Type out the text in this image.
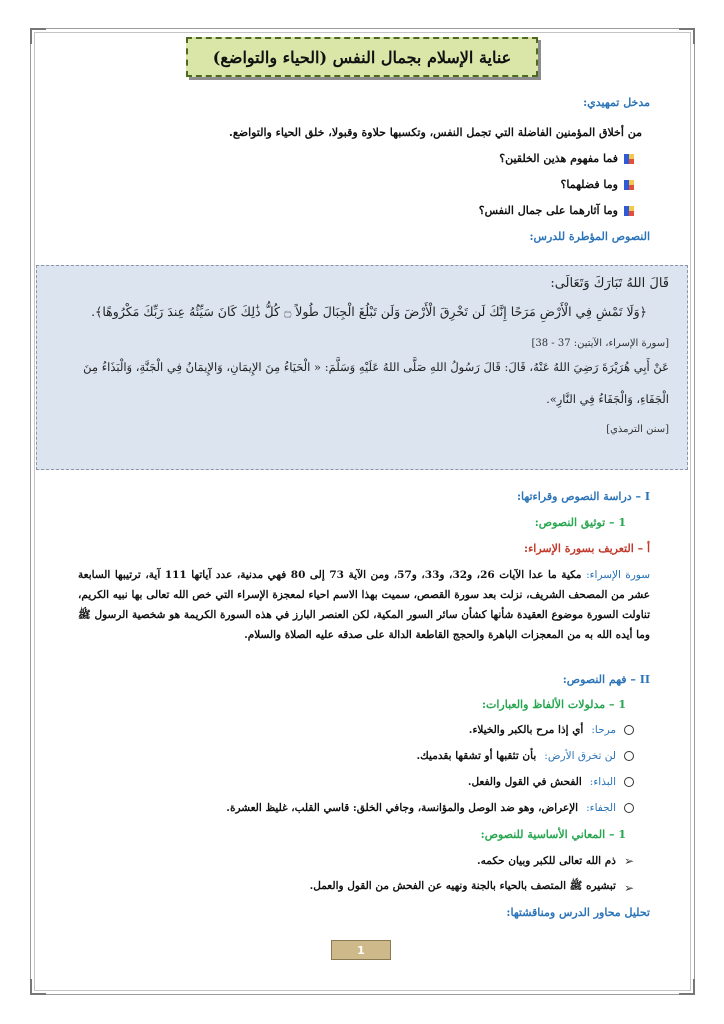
عناية الإسلام بجمال النفس (الحياء والتواضع)
مدخل تمهيدي:
من أخلاق المؤمنين الفاضلة التي تجمل النفس، وتكسبها حلاوة وقبولا، خلق الحياء والتواضع.
فما مفهوم هذين الخلقين؟
وما فضلهما؟
وما آثارهما على جمال النفس؟
النصوص المؤطرة للدرس:
قَالَ اللهُ تَبَارَكَ وَتَعَالَى:
﴿وَلَا تَمْشِ فِي الْأَرْضِ مَرَحًا إِنَّكَ لَن تَخْرِقَ الْأَرْضَ وَلَن تَبْلُغَ الْجِبَالَ طُولاً ۝ كُلُّ ذَٰلِكَ كَانَ سَيِّئُهُ عِندَ رَبِّكَ مَكْرُوهًا﴾.
[سورة الإسراء، الآيتين: 37 - 38]
عَنْ أَبِي هُرَيْرَةَ رَضِيَ اللهُ عَنْهُ، قَالَ: قَالَ رَسُولُ اللهِ صَلَّى اللهُ عَلَيْهِ وَسَلَّمَ: « الْحَيَاءُ مِنَ الإِيمَانِ، وَالإِيمَانُ فِي الْجَنَّةِ، وَالْبَذَاءُ مِنَ
الْجَفَاءِ، وَالْجَفَاءُ فِي النَّارِ».
[سنن الترمذي]
I – دراسة النصوص وقراءتها:
1 – توثيق النصوص:
أ – التعريف بسورة الإسراء:
سورة الإسراء: مكية ما عدا الآيات 26، و32، و33، و57، ومن الآية 73 إلى 80 فهي مدنية، عدد آياتها 111 آية، ترتيبها السابعة عشر من المصحف الشريف، نزلت بعد سورة القصص، سميت بهذا الاسم احياء لمعجزة الإسراء التي خص الله تعالى بها نبيه الكريم، تناولت السورة موضوع العقيدة شأنها كشأن سائر السور المكية، لكن العنصر البارز في هذه السورة الكريمة هو شخصية الرسول ﷺ وما أيده الله به من المعجزات الباهرة والحجج القاطعة الدالة على صدقه عليه الصلاة والسلام.
II – فهم النصوص:
1 – مدلولات الألفاظ والعبارات:
مرحا:
أي إذا مرح بالكبر والخيلاء.
لن تخرق الأرض:
بأن تثقبها أو تشقها بقدميك.
البذاء:
الفحش في القول والفعل.
الجفاء:
الإعراض، وهو ضد الوصل والمؤانسة، وجافي الخلق: قاسي القلب، غليظ العشرة.
1 – المعاني الأساسية للنصوص:
➢
ذم الله تعالى للكبر وبيان حكمه.
➢
تبشيره ﷺ المتصف بالحياء بالجنة ونهيه عن الفحش من القول والعمل.
تحليل محاور الدرس ومناقشتها:
1
